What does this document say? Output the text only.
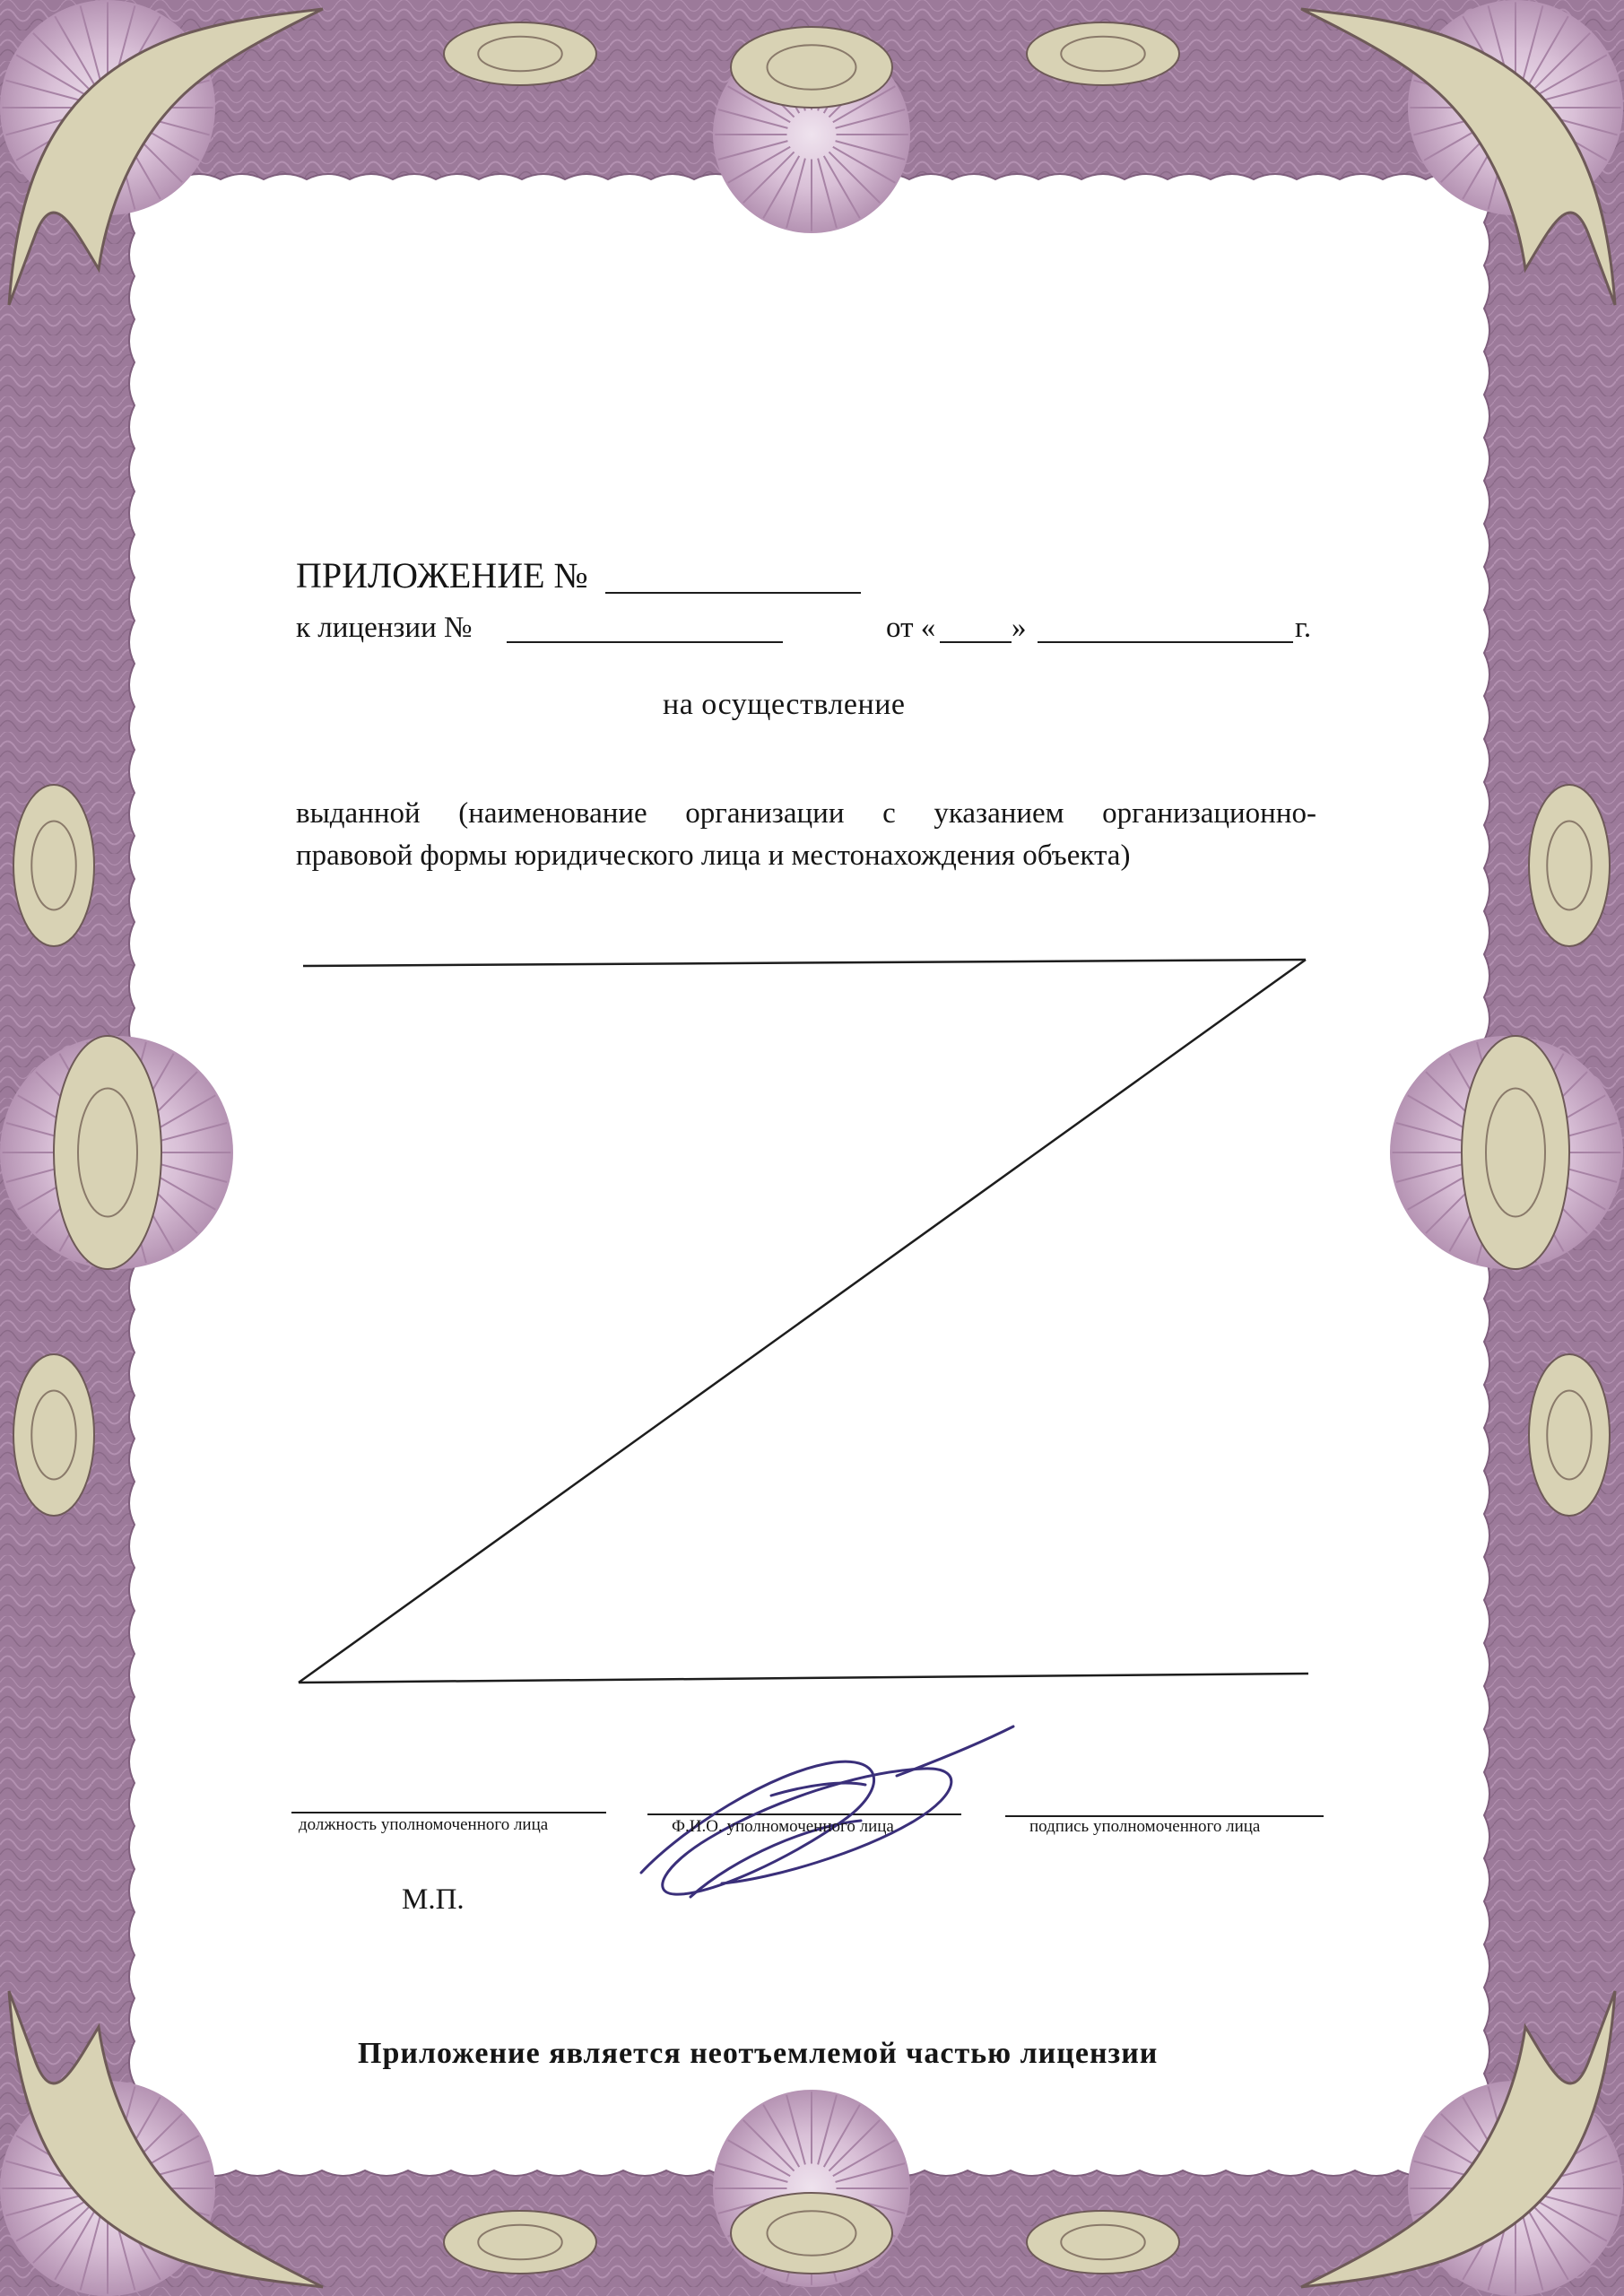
ПРИЛОЖЕНИЕ №
к лицензии №	от «	»	г.
на осуществление
выданной (наименование организации с указанием организационно-
правовой формы юридического лица и местонахождения объекта)
должность уполномоченного лица	Ф.И.О. уполномоченного лица	подпись уполномоченного лица
М.П.
Приложение является неотъемлемой частью лицензии
